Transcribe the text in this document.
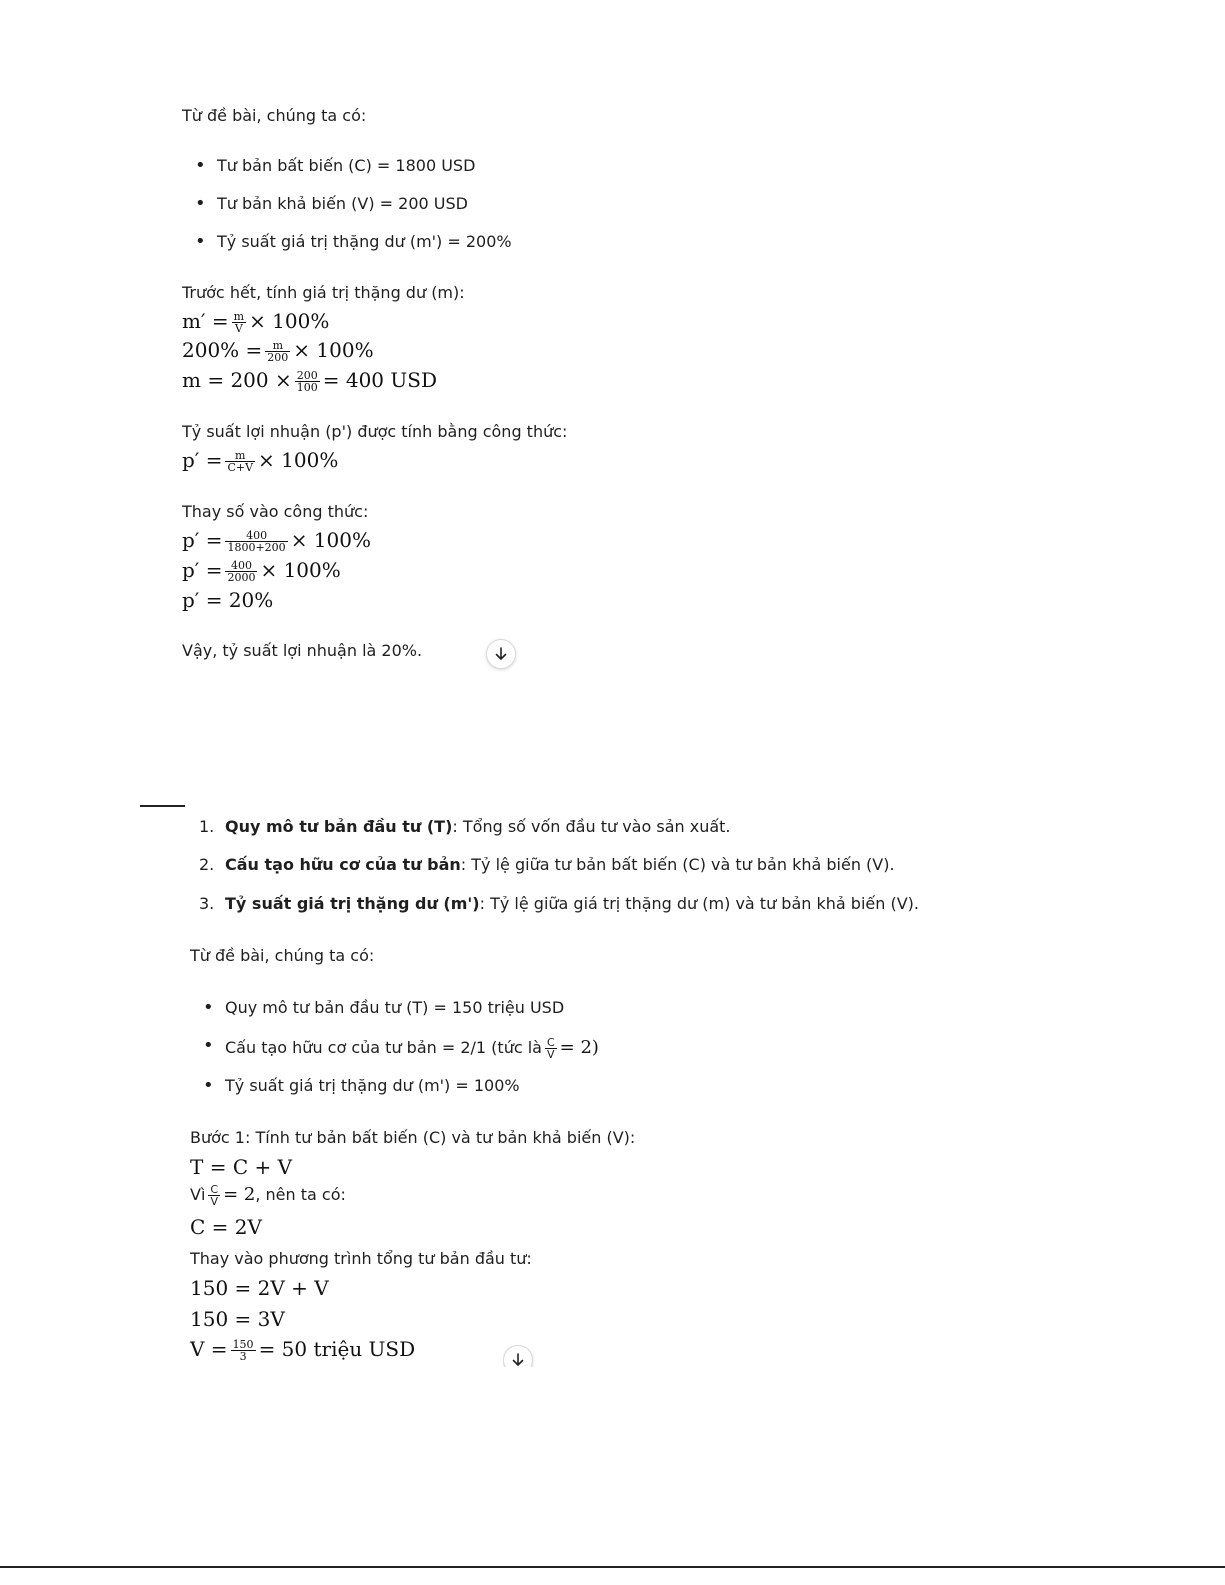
Từ đề bài, chúng ta có:
• Tư bản bất biến (C) = 1800 USD
• Tư bản khả biến (V) = 200 USD
• Tỷ suất giá trị thặng dư (m') = 200%
Trước hết, tính giá trị thặng dư (m):
$m' = \frac{m}{V} \times 100\%$
$200\% = \frac{m}{200} \times 100\%$
$m = 200 \times \frac{200}{100} = 400$ USD
Tỷ suất lợi nhuận (p') được tính bằng công thức:
$p' = \frac{m}{C+V} \times 100\%$
Thay số vào công thức:
$p' = \frac{400}{1800+200} \times 100\%$
$p' = \frac{400}{2000} \times 100\%$
p′ = 20%
Vậy, tỷ suất lợi nhuận là 20%.
1. Quy mô tư bản đầu tư (T): Tổng số vốn đầu tư vào sản xuất.
2. Cấu tạo hữu cơ của tư bản: Tỷ lệ giữa tư bản bất biến (C) và tư bản khả biến (V).
3. Tỷ suất giá trị thặng dư (m'): Tỷ lệ giữa giá trị thặng dư (m) và tư bản khả biến (V).
Từ đề bài, chúng ta có:
• Quy mô tư bản đầu tư (T) = 150 triệu USD
• Cấu tạo hữu cơ của tư bản = 2/1 (tức là $\frac{C}{V} = 2$)
• Tỷ suất giá trị thặng dư (m') = 100%
Bước 1: Tính tư bản bất biến (C) và tư bản khả biến (V):
T = C + V
Vì $\frac{C}{V} = 2$, nên ta có:
C = 2V
Thay vào phương trình tổng tư bản đầu tư:
150 = 2V + V
150 = 3V
$V = \frac{150}{3} = 50$ triệu USD
